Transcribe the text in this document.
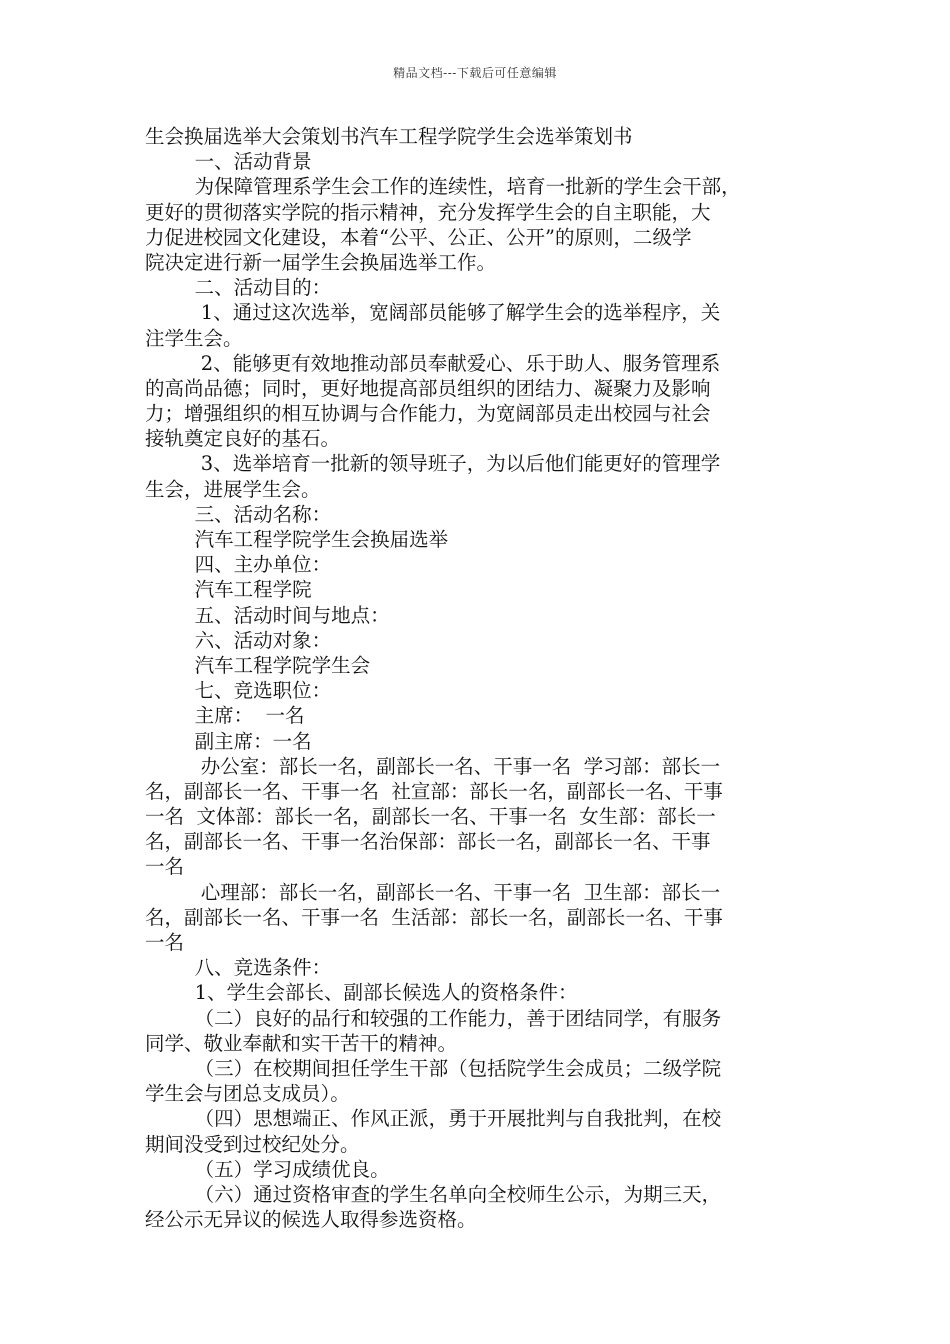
精品文档---下载后可任意编辑
生会换届选举大会策划书汽车工程学院学生会选举策划书
一、活动背景
为保障管理系学生会工作的连续性，培育一批新的学生会干部，
更好的贯彻落实学院的指示精神，充分发挥学生会的自主职能，大
力促进校园文化建设，本着“公平、公正、公开”的原则，二级学
院决定进行新一届学生会换届选举工作。
二、活动目的：
1、通过这次选举，宽阔部员能够了解学生会的选举程序，关
注学生会。
2、能够更有效地推动部员奉献爱心、乐于助人、服务管理系
的高尚品德；同时，更好地提高部员组织的团结力、凝聚力及影响
力；增强组织的相互协调与合作能力，为宽阔部员走出校园与社会
接轨奠定良好的基石。
3、选举培育一批新的领导班子，为以后他们能更好的管理学
生会，进展学生会。
三、活动名称：
汽车工程学院学生会换届选举
四、主办单位：
汽车工程学院
五、活动时间与地点：
六、活动对象：
汽车工程学院学生会
七、竞选职位：
主席：  一名
副主席：一名
办公室：部长一名，副部长一名、干事一名  学习部：部长一
名，副部长一名、干事一名  社宣部：部长一名，副部长一名、干事
一名  文体部：部长一名，副部长一名、干事一名  女生部：部长一
名，副部长一名、干事一名治保部：部长一名，副部长一名、干事
一名
心理部：部长一名，副部长一名、干事一名  卫生部：部长一
名，副部长一名、干事一名  生活部：部长一名，副部长一名、干事
一名
八、竞选条件：
1、学生会部长、副部长候选人的资格条件：
（二）良好的品行和较强的工作能力，善于团结同学，有服务
同学、敬业奉献和实干苦干的精神。
（三）在校期间担任学生干部（包括院学生会成员；二级学院
学生会与团总支成员）。
（四）思想端正、作风正派，勇于开展批判与自我批判，在校
期间没受到过校纪处分。
（五）学习成绩优良。
（六）通过资格审查的学生名单向全校师生公示，为期三天，
经公示无异议的候选人取得参选资格。
